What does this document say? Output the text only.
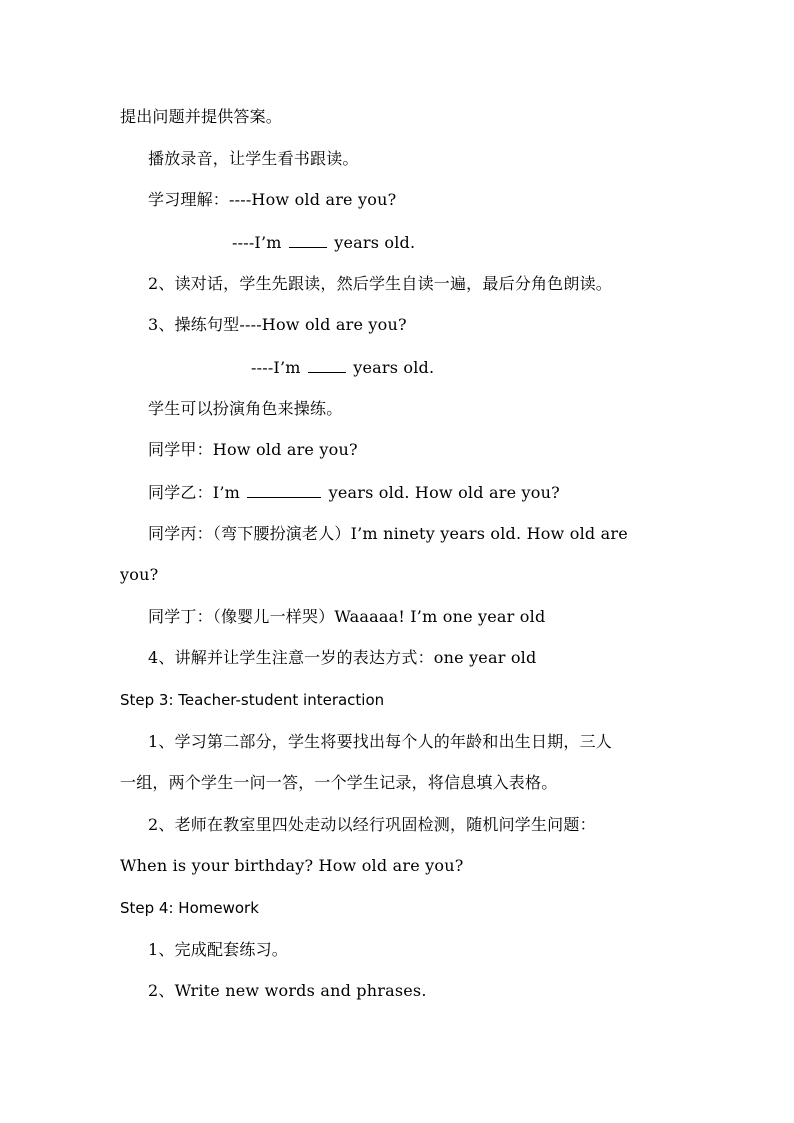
提出问题并提供答案。
播放录音，让学生看书跟读。
学习理解：----How old are you?
----I’m	years old.
2、读对话，学生先跟读，然后学生自读一遍，最后分角色朗读。
3、操练句型----How old are you?
----I’m	years old.
学生可以扮演角色来操练。
同学甲：How old are you?
同学乙：I’m	years old. How old are you?
同学丙：（弯下腰扮演老人）I’m ninety years old. How old are
you?
同学丁：（像婴儿一样哭）Waaaaa! I’m one year old
4、讲解并让学生注意一岁的表达方式：one year old
Step 3: Teacher-student interaction
1、学习第二部分，学生将要找出每个人的年龄和出生日期，三人
一组，两个学生一问一答，一个学生记录，将信息填入表格。
2、老师在教室里四处走动以经行巩固检测，随机问学生问题：
When is your birthday? How old are you?
Step 4: Homework
1、完成配套练习。
2、Write new words and phrases.
